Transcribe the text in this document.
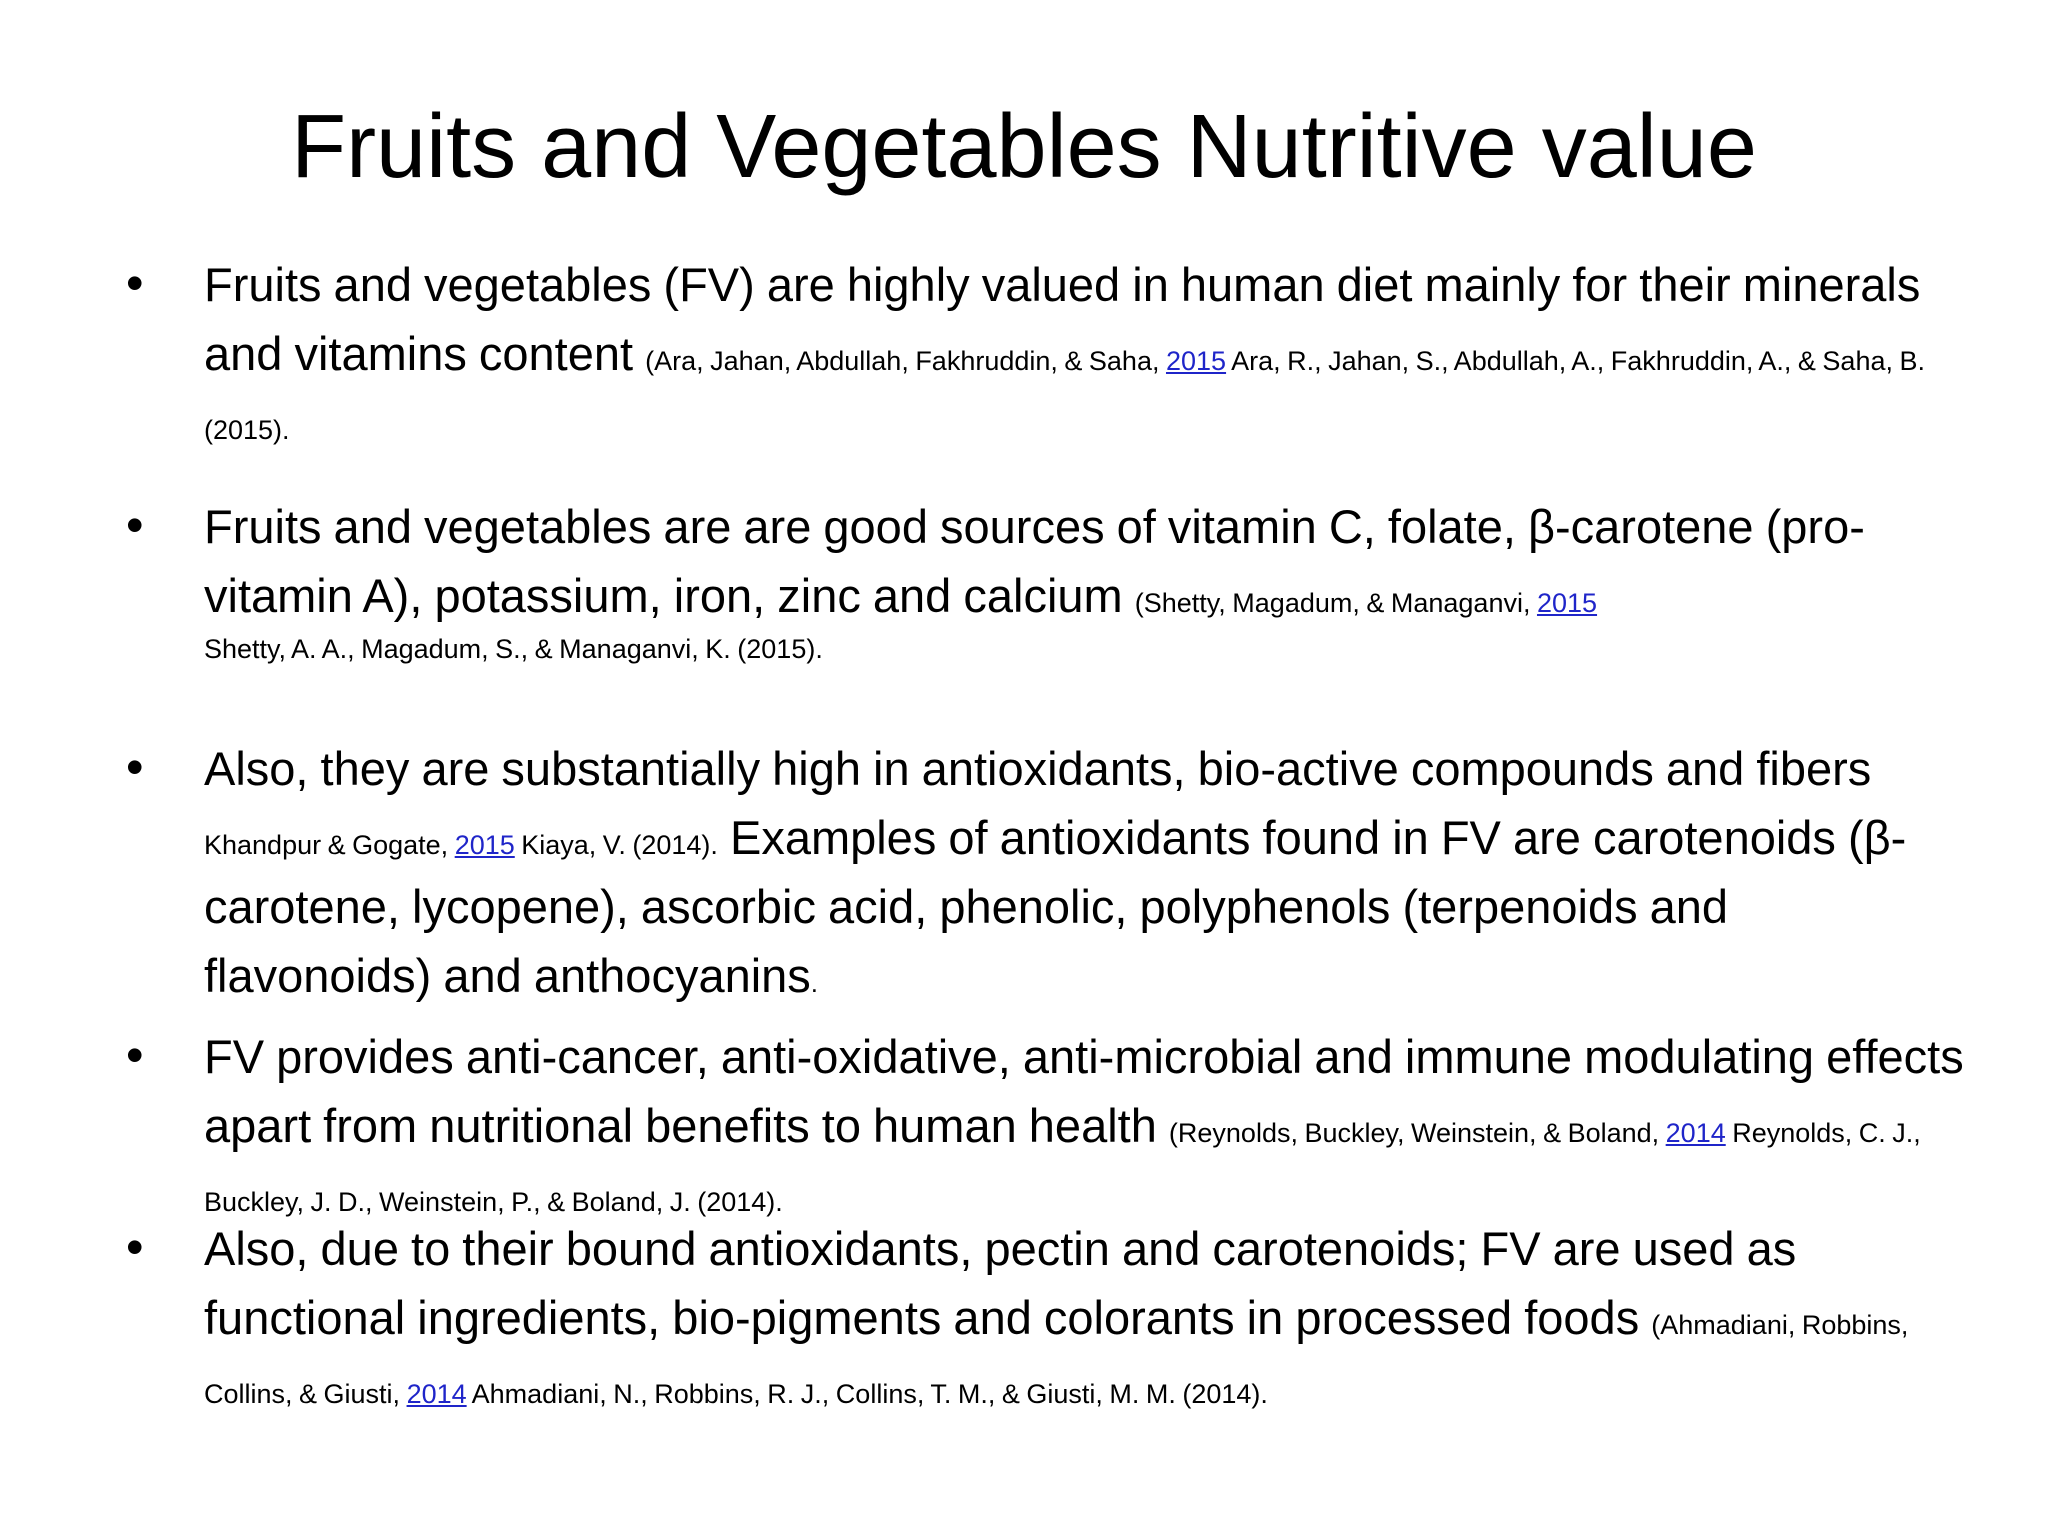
Fruits and Vegetables Nutritive value
• Fruits and vegetables (FV) are highly valued in human diet mainly for their minerals and vitamins content (Ara, Jahan, Abdullah, Fakhruddin, & Saha, 2015 Ara, R., Jahan, S., Abdullah, A., Fakhruddin, A., & Saha, B. (2015).
• Fruits and vegetables are are good sources of vitamin C, folate, β-carotene (pro-vitamin A), potassium, iron, zinc and calcium (Shetty, Magadum, & Managanvi, 2015
Shetty, A. A., Magadum, S., & Managanvi, K. (2015).
• Also, they are substantially high in antioxidants, bio-active compounds and fibers Khandpur & Gogate, 2015 Kiaya, V. (2014). Examples of antioxidants found in FV are carotenoids (β-carotene, lycopene), ascorbic acid, phenolic, polyphenols (terpenoids and flavonoids) and anthocyanins.
• FV provides anti-cancer, anti-oxidative, anti-microbial and immune modulating effects apart from nutritional benefits to human health (Reynolds, Buckley, Weinstein, & Boland, 2014 Reynolds, C. J., Buckley, J. D., Weinstein, P., & Boland, J. (2014).
• Also, due to their bound antioxidants, pectin and carotenoids; FV are used as functional ingredients, bio-pigments and colorants in processed foods (Ahmadiani, Robbins, Collins, & Giusti, 2014 Ahmadiani, N., Robbins, R. J., Collins, T. M., & Giusti, M. M. (2014).
